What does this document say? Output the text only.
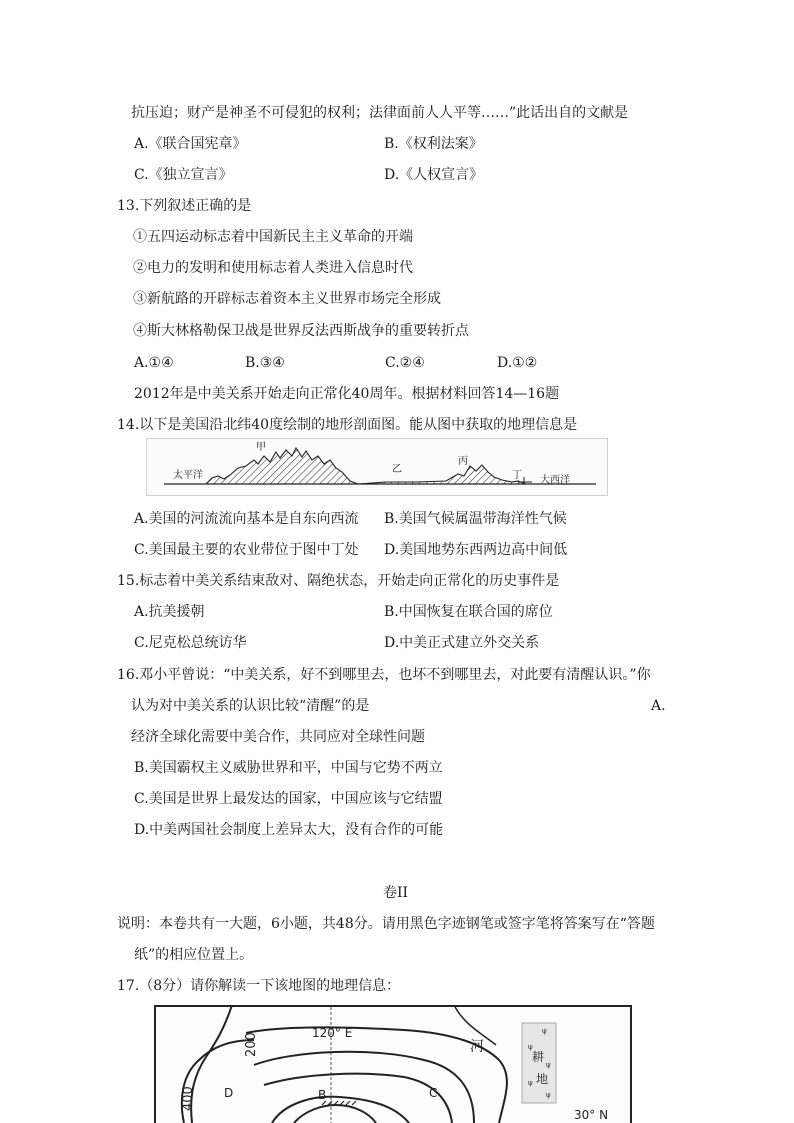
抗压迫；财产是神圣不可侵犯的权利；法律面前人人平等……”此话出自的文献是
A.《联合国宪章》	B.《权利法案》
C.《独立宣言》	D.《人权宣言》
13.下列叙述正确的是
①五四运动标志着中国新民主主义革命的开端
②电力的发明和使用标志着人类进入信息时代
③新航路的开辟标志着资本主义世界市场完全形成
④斯大林格勒保卫战是世界反法西斯战争的重要转折点
A.①④	B.③④	C.②④	D.①②
2012年是中美关系开始走向正常化40周年。根据材料回答14—16题
14.以下是美国沿北纬40度绘制的地形剖面图。能从图中获取的地理信息是
太平洋
甲
乙
丙
丁 大西洋
A.美国的河流流向基本是自东向西流 B.美国气候属温带海洋性气候
C.美国最主要的农业带位于图中丁处 D.美国地势东西两边高中间低
15.标志着中美关系结束敌对、隔绝状态，开始走向正常化的历史事件是
A.抗美援朝	B.中国恢复在联合国的席位
C.尼克松总统访华	D.中美正式建立外交关系
16.邓小平曾说：“中美关系，好不到哪里去，也坏不到哪里去，对此要有清醒认识。”你
认为对中美关系的认识比较“清醒”的是	A.
经济全球化需要中美合作，共同应对全球性问题
B.美国霸权主义威胁世界和平，中国与它势不两立
C.美国是世界上最发达的国家，中国应该与它结盟
D.中美两国社会制度上差异太大，没有合作的可能
卷II
说明：本卷共有一大题，6小题，共48分。请用黑色字迹钢笔或签字笔将答案写在“答题
纸”的相应位置上。
17.（8分）请你解读一下该地图的地理信息：
ψ
ψ
ψ
ψ
ψ
200
400
120° E
河
耕
地
D	B	C
30° N
